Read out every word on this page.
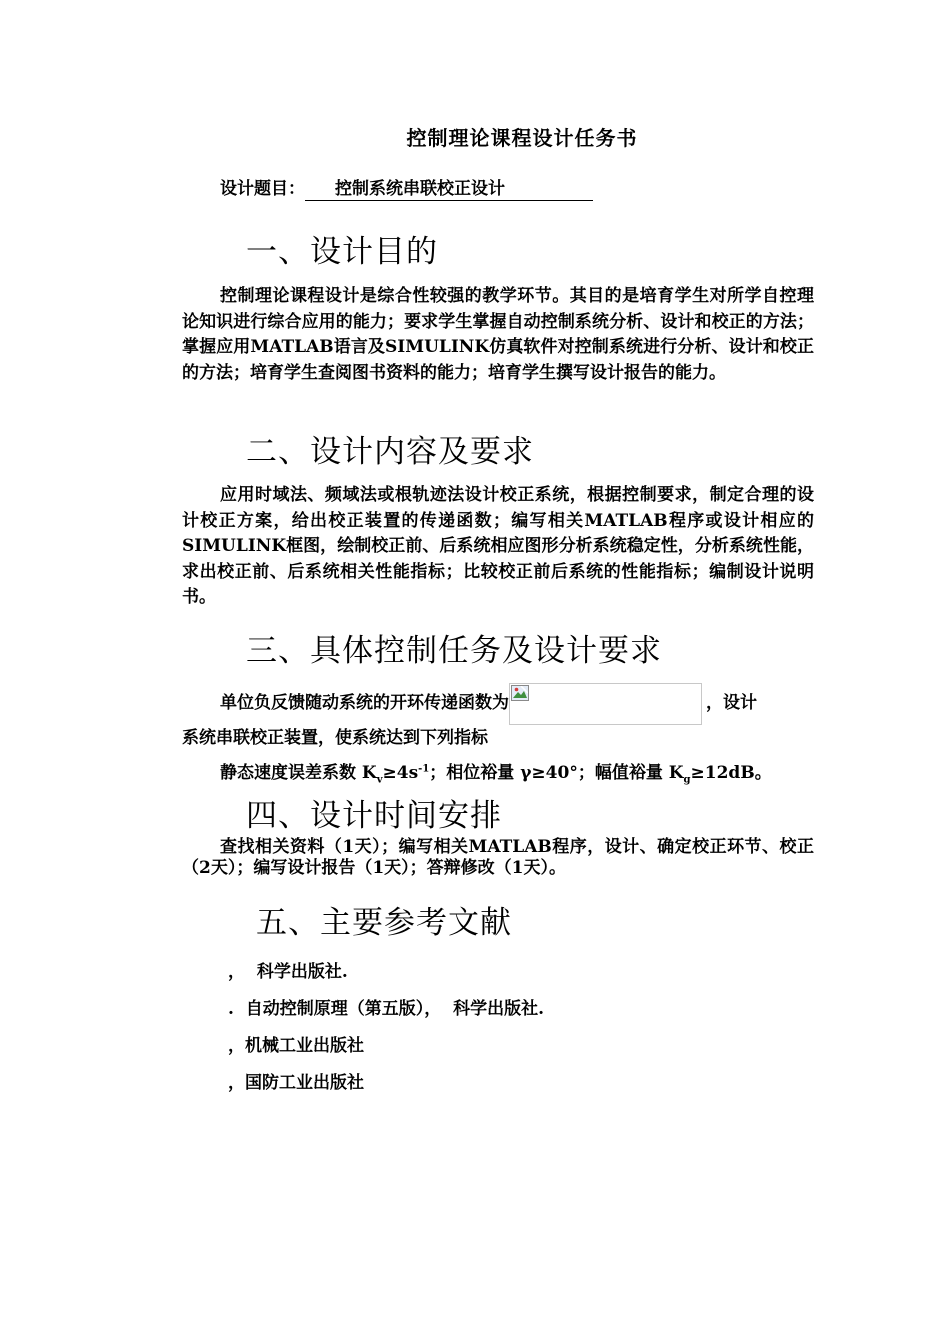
控制理论课程设计任务书
设计题目： 控制系统串联校正设计
一、设计目的
控制理论课程设计是综合性较强的教学环节。其目的是培育学生对所学自控理论知识进行综合应用的能力；要求学生掌握自动控制系统分析、设计和校正的方法；掌握应用MATLAB语言及SIMULINK仿真软件对控制系统进行分析、设计和校正的方法；培育学生查阅图书资料的能力；培育学生撰写设计报告的能力。
二、设计内容及要求
应用时域法、频域法或根轨迹法设计校正系统，根据控制要求，制定合理的设计校正方案，给出校正装置的传递函数；编写相关MATLAB程序或设计相应的SIMULINK框图，绘制校正前、后系统相应图形分析系统稳定性，分析系统性能，求出校正前、后系统相关性能指标；比较校正前后系统的性能指标；编制设计说明书。
三、具体控制任务及设计要求
单位负反馈随动系统的开环传递函数为	，设计
系统串联校正装置，使系统达到下列指标
静态速度误差系数 $K_v\ge 4s^{-1}$；相位裕量 γ≥40°；幅值裕量 $K_g\ge 12dB$。
四、设计时间安排
查找相关资料（1天）；编写相关MATLAB程序，设计、确定校正环节、校正（2天）；编写设计报告（1天）；答辩修改（1天）。
五、主要参考文献
，  科学出版社.
.  自动控制原理（第五版），  科学出版社.
，机械工业出版社
，国防工业出版社
